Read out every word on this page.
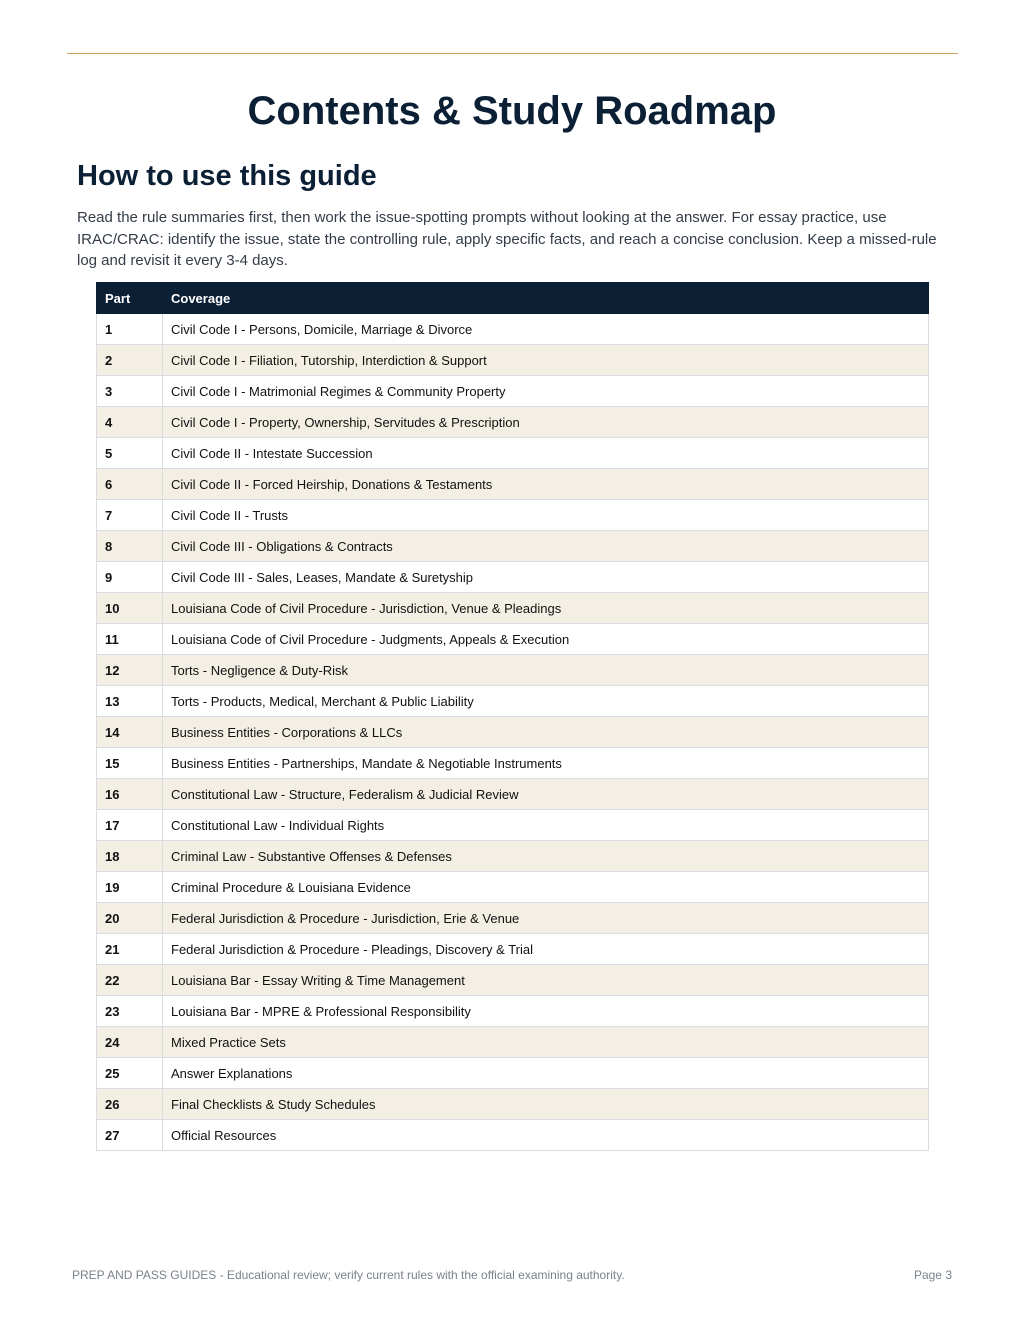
Contents & Study Roadmap
How to use this guide

Read the rule summaries first, then work the issue-spotting prompts without looking at the answer. For essay practice, use IRAC/CRAC: identify the issue, state the controlling rule, apply specific facts, and reach a concise conclusion. Keep a missed-rule log and revisit it every 3-4 days.

Part	Coverage
1	Civil Code I - Persons, Domicile, Marriage & Divorce
2	Civil Code I - Filiation, Tutorship, Interdiction & Support
3	Civil Code I - Matrimonial Regimes & Community Property
4	Civil Code I - Property, Ownership, Servitudes & Prescription
5	Civil Code II - Intestate Succession
6	Civil Code II - Forced Heirship, Donations & Testaments
7	Civil Code II - Trusts
8	Civil Code III - Obligations & Contracts
9	Civil Code III - Sales, Leases, Mandate & Suretyship
10	Louisiana Code of Civil Procedure - Jurisdiction, Venue & Pleadings
11	Louisiana Code of Civil Procedure - Judgments, Appeals & Execution
12	Torts - Negligence & Duty-Risk
13	Torts - Products, Medical, Merchant & Public Liability
14	Business Entities - Corporations & LLCs
15	Business Entities - Partnerships, Mandate & Negotiable Instruments
16	Constitutional Law - Structure, Federalism & Judicial Review
17	Constitutional Law - Individual Rights
18	Criminal Law - Substantive Offenses & Defenses
19	Criminal Procedure & Louisiana Evidence
20	Federal Jurisdiction & Procedure - Jurisdiction, Erie & Venue
21	Federal Jurisdiction & Procedure - Pleadings, Discovery & Trial
22	Louisiana Bar - Essay Writing & Time Management
23	Louisiana Bar - MPRE & Professional Responsibility
24	Mixed Practice Sets
25	Answer Explanations
26	Final Checklists & Study Schedules
27	Official Resources
PREP AND PASS GUIDES - Educational review; verify current rules with the official examining authority.	Page 3
